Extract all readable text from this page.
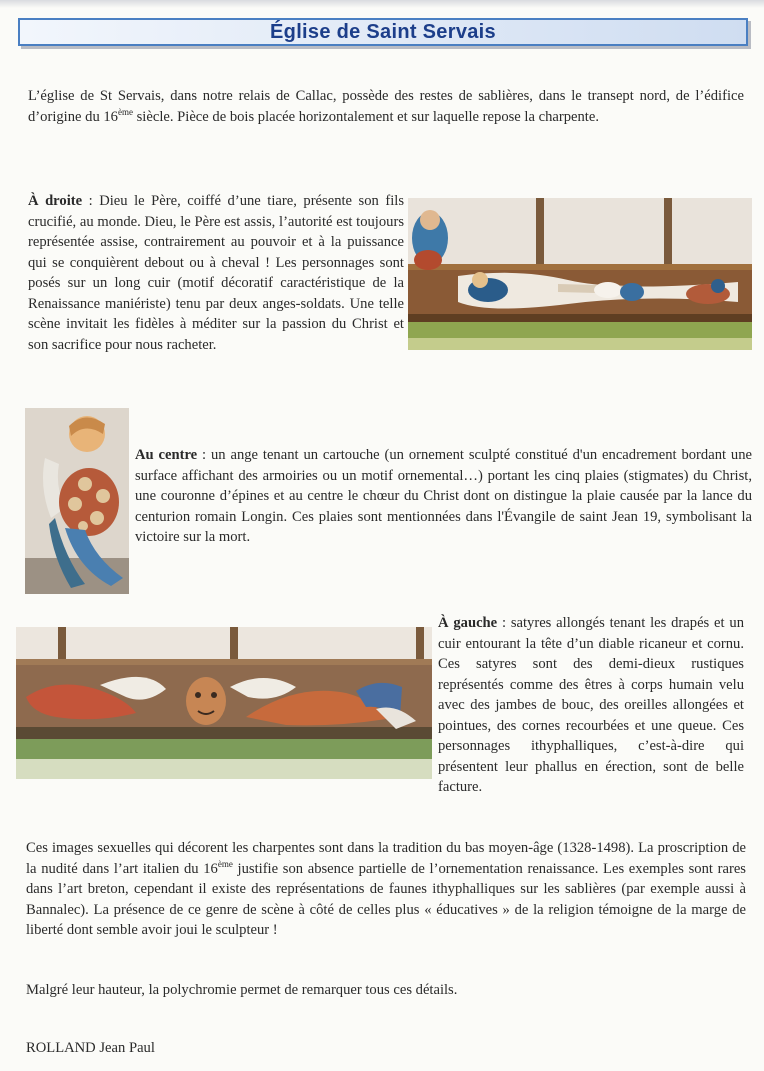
Église de Saint Servais

L’église de St Servais, dans notre relais de Callac, possède des restes de sablières, dans le transept nord, de l’édifice d’origine du 16ème siècle. Pièce de bois placée horizontalement et sur laquelle repose la charpente.

À droite : Dieu le Père, coiffé d’une tiare, présente son fils crucifié, au monde. Dieu, le Père est assis, l’autorité est toujours représentée assise, contrairement au pouvoir et à la puissance qui se conquièrent debout ou à cheval ! Les personnages sont posés sur un long cuir (motif décoratif caractéristique de la Renaissance maniériste) tenu par deux anges-soldats. Une telle scène invitait les fidèles à méditer sur la passion du Christ et son sacrifice pour nous racheter.

Au centre : un ange tenant un cartouche (un ornement sculpté constitué d'un encadrement bordant une surface affichant des armoiries ou un motif ornemental…) portant les cinq plaies (stigmates) du Christ, une couronne d’épines et au centre le chœur du Christ dont on distingue la plaie causée par la lance du centurion romain Longin. Ces plaies sont mentionnées dans l'Évangile de saint Jean 19, symbolisant la victoire sur la mort.

À gauche : satyres allongés tenant les drapés et un cuir entourant la tête d’un diable ricaneur et cornu. Ces satyres sont des demi-dieux rustiques représentés comme des êtres à corps humain velu avec des jambes de bouc, des oreilles allongées et pointues, des cornes recourbées et une queue. Ces personnages ithyphalliques, c’est-à-dire qui présentent leur phallus en érection, sont de belle facture.

Ces images sexuelles qui décorent les charpentes sont dans la tradition du bas moyen-âge (1328-1498). La proscription de la nudité dans l’art italien du 16ème justifie son absence partielle de l’ornementation renaissance. Les exemples sont rares dans l’art breton, cependant il existe des représentations de faunes ithyphalliques sur les sablières (par exemple aussi à Bannalec). La présence de ce genre de scène à côté de celles plus « éducatives » de la religion témoigne de la marge de liberté dont semble avoir joui le sculpteur !

Malgré leur hauteur, la polychromie permet de remarquer tous ces détails.

ROLLAND Jean Paul
